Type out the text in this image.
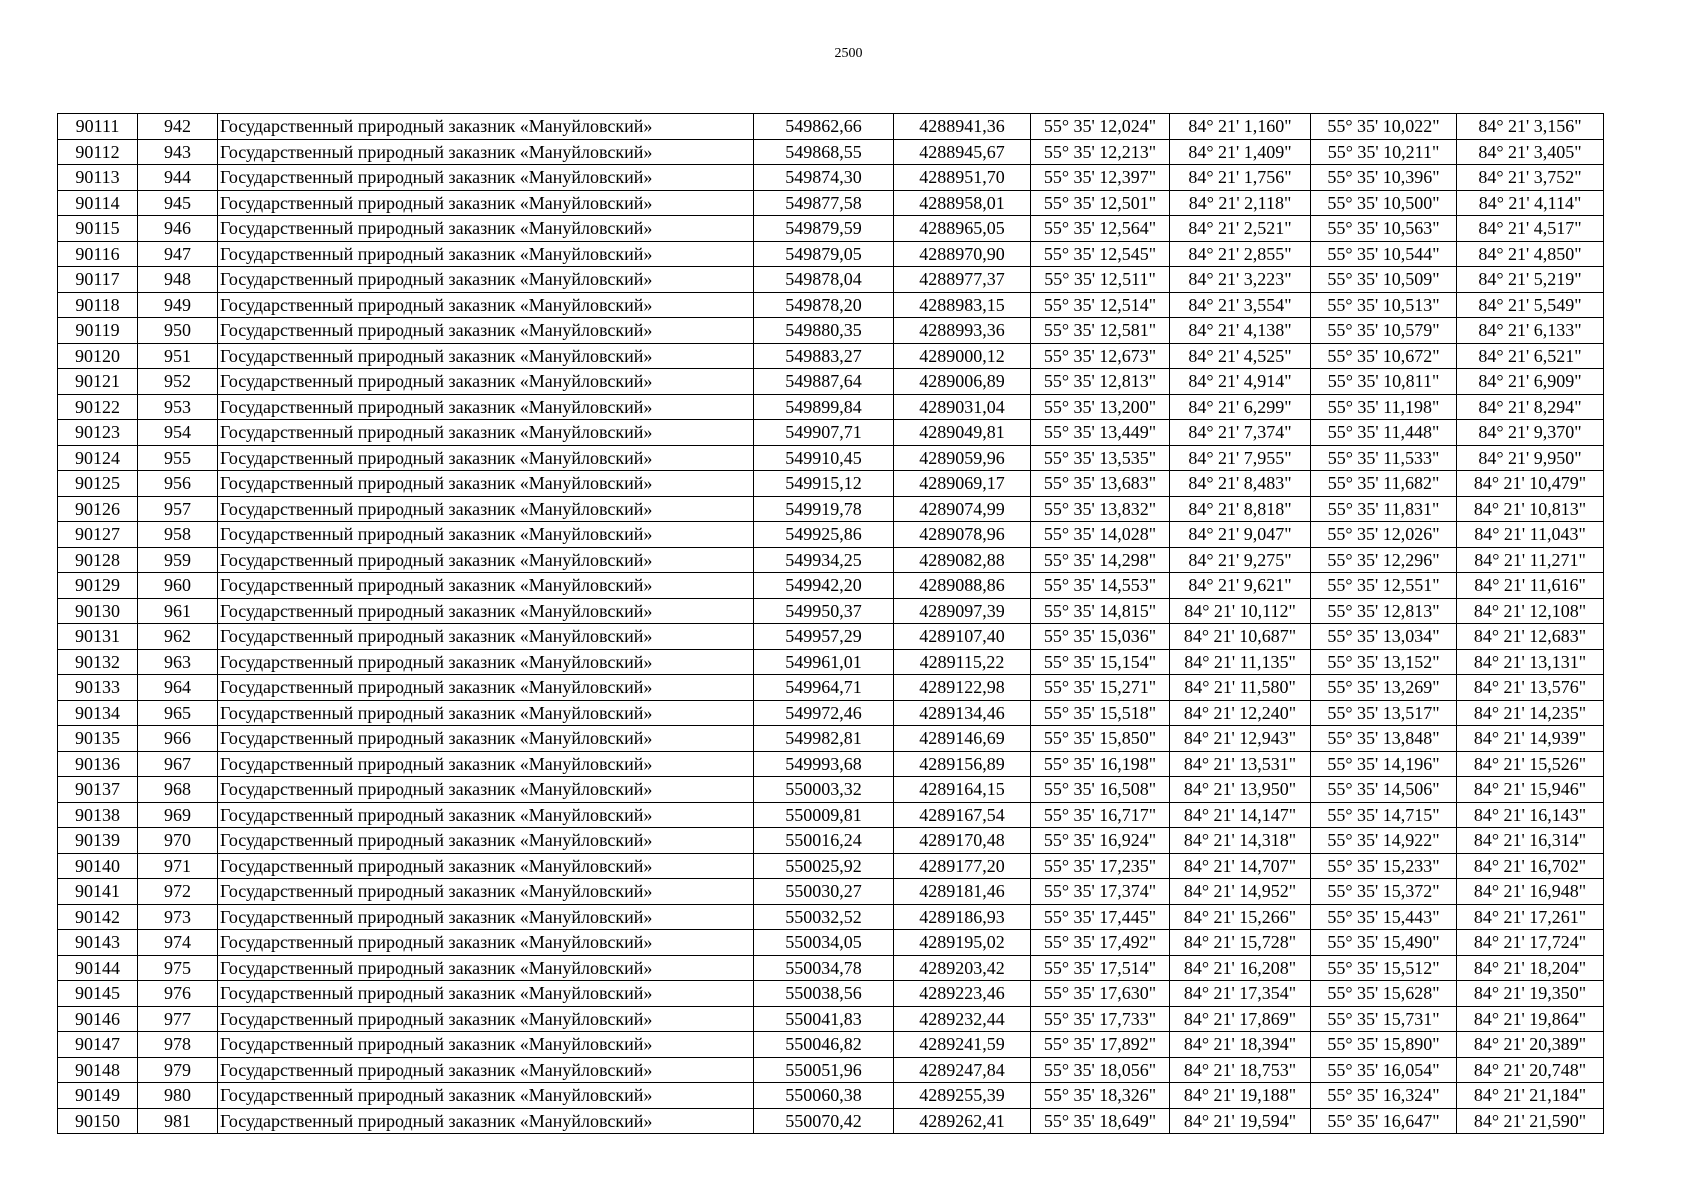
2500
90111	942	Государственный природный заказник «Мануйловский»	549862,66	4288941,36	55° 35' 12,024"	84° 21' 1,160"	55° 35' 10,022"	84° 21' 3,156"
90112	943	Государственный природный заказник «Мануйловский»	549868,55	4288945,67	55° 35' 12,213"	84° 21' 1,409"	55° 35' 10,211"	84° 21' 3,405"
90113	944	Государственный природный заказник «Мануйловский»	549874,30	4288951,70	55° 35' 12,397"	84° 21' 1,756"	55° 35' 10,396"	84° 21' 3,752"
90114	945	Государственный природный заказник «Мануйловский»	549877,58	4288958,01	55° 35' 12,501"	84° 21' 2,118"	55° 35' 10,500"	84° 21' 4,114"
90115	946	Государственный природный заказник «Мануйловский»	549879,59	4288965,05	55° 35' 12,564"	84° 21' 2,521"	55° 35' 10,563"	84° 21' 4,517"
90116	947	Государственный природный заказник «Мануйловский»	549879,05	4288970,90	55° 35' 12,545"	84° 21' 2,855"	55° 35' 10,544"	84° 21' 4,850"
90117	948	Государственный природный заказник «Мануйловский»	549878,04	4288977,37	55° 35' 12,511"	84° 21' 3,223"	55° 35' 10,509"	84° 21' 5,219"
90118	949	Государственный природный заказник «Мануйловский»	549878,20	4288983,15	55° 35' 12,514"	84° 21' 3,554"	55° 35' 10,513"	84° 21' 5,549"
90119	950	Государственный природный заказник «Мануйловский»	549880,35	4288993,36	55° 35' 12,581"	84° 21' 4,138"	55° 35' 10,579"	84° 21' 6,133"
90120	951	Государственный природный заказник «Мануйловский»	549883,27	4289000,12	55° 35' 12,673"	84° 21' 4,525"	55° 35' 10,672"	84° 21' 6,521"
90121	952	Государственный природный заказник «Мануйловский»	549887,64	4289006,89	55° 35' 12,813"	84° 21' 4,914"	55° 35' 10,811"	84° 21' 6,909"
90122	953	Государственный природный заказник «Мануйловский»	549899,84	4289031,04	55° 35' 13,200"	84° 21' 6,299"	55° 35' 11,198"	84° 21' 8,294"
90123	954	Государственный природный заказник «Мануйловский»	549907,71	4289049,81	55° 35' 13,449"	84° 21' 7,374"	55° 35' 11,448"	84° 21' 9,370"
90124	955	Государственный природный заказник «Мануйловский»	549910,45	4289059,96	55° 35' 13,535"	84° 21' 7,955"	55° 35' 11,533"	84° 21' 9,950"
90125	956	Государственный природный заказник «Мануйловский»	549915,12	4289069,17	55° 35' 13,683"	84° 21' 8,483"	55° 35' 11,682"	84° 21' 10,479"
90126	957	Государственный природный заказник «Мануйловский»	549919,78	4289074,99	55° 35' 13,832"	84° 21' 8,818"	55° 35' 11,831"	84° 21' 10,813"
90127	958	Государственный природный заказник «Мануйловский»	549925,86	4289078,96	55° 35' 14,028"	84° 21' 9,047"	55° 35' 12,026"	84° 21' 11,043"
90128	959	Государственный природный заказник «Мануйловский»	549934,25	4289082,88	55° 35' 14,298"	84° 21' 9,275"	55° 35' 12,296"	84° 21' 11,271"
90129	960	Государственный природный заказник «Мануйловский»	549942,20	4289088,86	55° 35' 14,553"	84° 21' 9,621"	55° 35' 12,551"	84° 21' 11,616"
90130	961	Государственный природный заказник «Мануйловский»	549950,37	4289097,39	55° 35' 14,815"	84° 21' 10,112"	55° 35' 12,813"	84° 21' 12,108"
90131	962	Государственный природный заказник «Мануйловский»	549957,29	4289107,40	55° 35' 15,036"	84° 21' 10,687"	55° 35' 13,034"	84° 21' 12,683"
90132	963	Государственный природный заказник «Мануйловский»	549961,01	4289115,22	55° 35' 15,154"	84° 21' 11,135"	55° 35' 13,152"	84° 21' 13,131"
90133	964	Государственный природный заказник «Мануйловский»	549964,71	4289122,98	55° 35' 15,271"	84° 21' 11,580"	55° 35' 13,269"	84° 21' 13,576"
90134	965	Государственный природный заказник «Мануйловский»	549972,46	4289134,46	55° 35' 15,518"	84° 21' 12,240"	55° 35' 13,517"	84° 21' 14,235"
90135	966	Государственный природный заказник «Мануйловский»	549982,81	4289146,69	55° 35' 15,850"	84° 21' 12,943"	55° 35' 13,848"	84° 21' 14,939"
90136	967	Государственный природный заказник «Мануйловский»	549993,68	4289156,89	55° 35' 16,198"	84° 21' 13,531"	55° 35' 14,196"	84° 21' 15,526"
90137	968	Государственный природный заказник «Мануйловский»	550003,32	4289164,15	55° 35' 16,508"	84° 21' 13,950"	55° 35' 14,506"	84° 21' 15,946"
90138	969	Государственный природный заказник «Мануйловский»	550009,81	4289167,54	55° 35' 16,717"	84° 21' 14,147"	55° 35' 14,715"	84° 21' 16,143"
90139	970	Государственный природный заказник «Мануйловский»	550016,24	4289170,48	55° 35' 16,924"	84° 21' 14,318"	55° 35' 14,922"	84° 21' 16,314"
90140	971	Государственный природный заказник «Мануйловский»	550025,92	4289177,20	55° 35' 17,235"	84° 21' 14,707"	55° 35' 15,233"	84° 21' 16,702"
90141	972	Государственный природный заказник «Мануйловский»	550030,27	4289181,46	55° 35' 17,374"	84° 21' 14,952"	55° 35' 15,372"	84° 21' 16,948"
90142	973	Государственный природный заказник «Мануйловский»	550032,52	4289186,93	55° 35' 17,445"	84° 21' 15,266"	55° 35' 15,443"	84° 21' 17,261"
90143	974	Государственный природный заказник «Мануйловский»	550034,05	4289195,02	55° 35' 17,492"	84° 21' 15,728"	55° 35' 15,490"	84° 21' 17,724"
90144	975	Государственный природный заказник «Мануйловский»	550034,78	4289203,42	55° 35' 17,514"	84° 21' 16,208"	55° 35' 15,512"	84° 21' 18,204"
90145	976	Государственный природный заказник «Мануйловский»	550038,56	4289223,46	55° 35' 17,630"	84° 21' 17,354"	55° 35' 15,628"	84° 21' 19,350"
90146	977	Государственный природный заказник «Мануйловский»	550041,83	4289232,44	55° 35' 17,733"	84° 21' 17,869"	55° 35' 15,731"	84° 21' 19,864"
90147	978	Государственный природный заказник «Мануйловский»	550046,82	4289241,59	55° 35' 17,892"	84° 21' 18,394"	55° 35' 15,890"	84° 21' 20,389"
90148	979	Государственный природный заказник «Мануйловский»	550051,96	4289247,84	55° 35' 18,056"	84° 21' 18,753"	55° 35' 16,054"	84° 21' 20,748"
90149	980	Государственный природный заказник «Мануйловский»	550060,38	4289255,39	55° 35' 18,326"	84° 21' 19,188"	55° 35' 16,324"	84° 21' 21,184"
90150	981	Государственный природный заказник «Мануйловский»	550070,42	4289262,41	55° 35' 18,649"	84° 21' 19,594"	55° 35' 16,647"	84° 21' 21,590"
